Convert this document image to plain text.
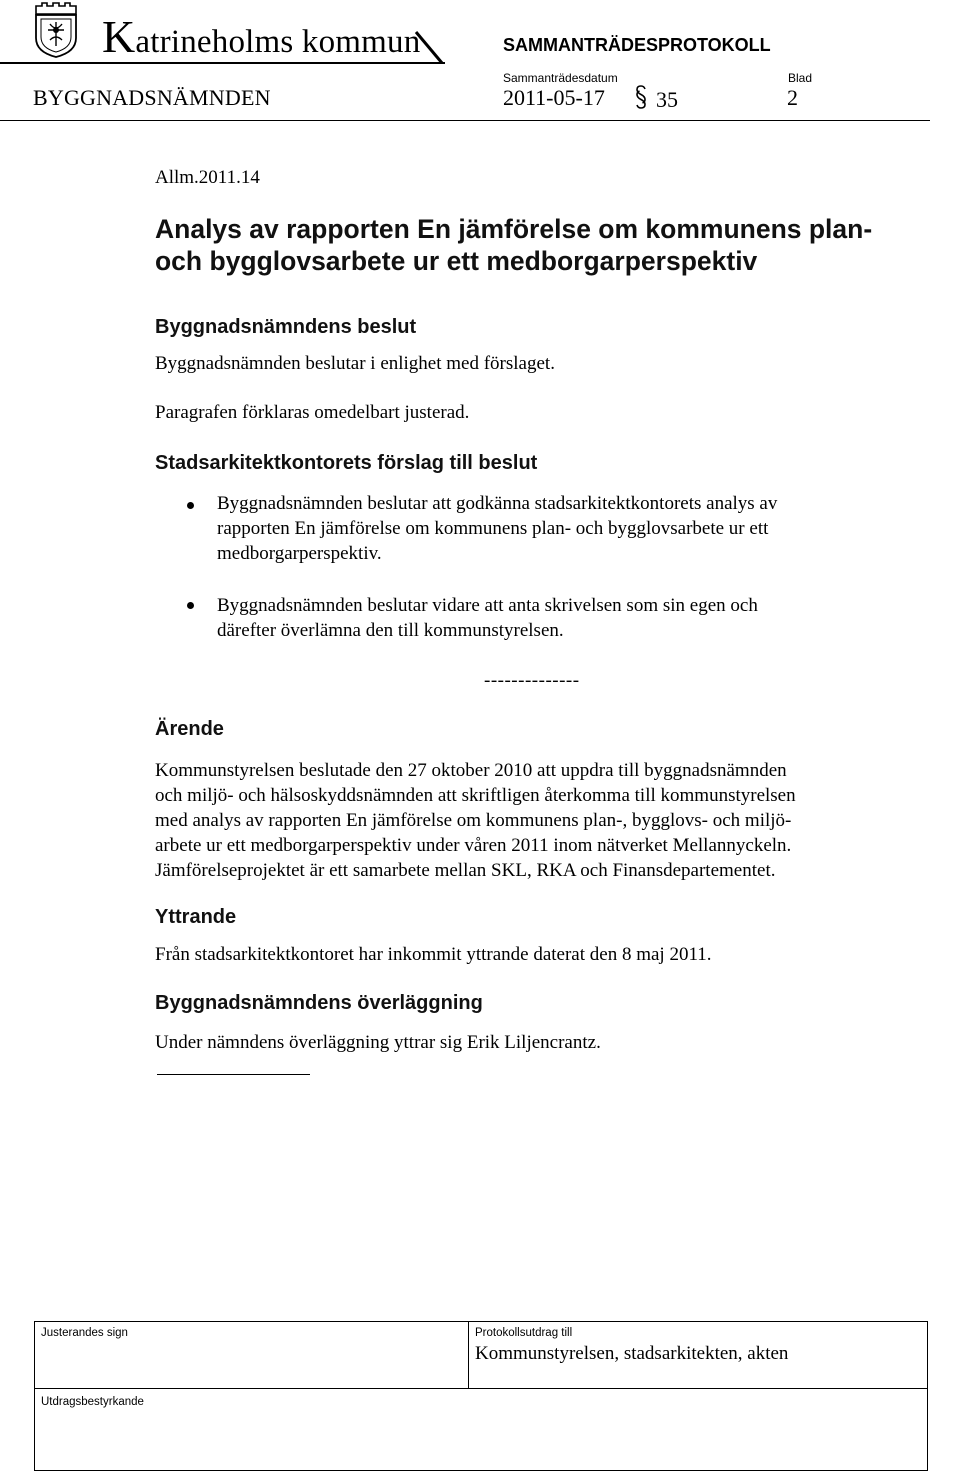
Katrineholms kommun	SAMMANTRÄDESPROTOKOLL
Sammanträdesdatum	Blad
BYGGNADSNÄMNDEN	2011-05-17 35	2
Allm.2011.14
Analys av rapporten En jämförelse om kommunens plan-
och bygglovsarbete ur ett medborgarperspektiv
Byggnadsnämndens beslut
Byggnadsnämnden beslutar i enlighet med förslaget.
Paragrafen förklaras omedelbart justerad.
Stadsarkitektkontorets förslag till beslut
Byggnadsnämnden beslutar att godkänna stadsarkitektkontorets analys av
rapporten En jämförelse om kommunens plan- och bygglovsarbete ur ett
medborgarperspektiv.
Byggnadsnämnden beslutar vidare att anta skrivelsen som sin egen och
därefter överlämna den till kommunstyrelsen.
--------------
Ärende
Kommunstyrelsen beslutade den 27 oktober 2010 att uppdra till byggnadsnämnden
och miljö- och hälsoskyddsnämnden att skriftligen återkomma till kommunstyrelsen
med analys av rapporten En jämförelse om kommunens plan-, bygglovs- och miljö-
arbete ur ett medborgarperspektiv under våren 2011 inom nätverket Mellannyckeln.
Jämförelseprojektet är ett samarbete mellan SKL, RKA och Finansdepartementet.
Yttrande
Från stadsarkitektkontoret har inkommit yttrande daterat den 8 maj 2011.
Byggnadsnämndens överläggning
Under nämndens överläggning yttrar sig Erik Liljencrantz.
Justerandes sign	Protokollsutdrag till
Kommunstyrelsen, stadsarkitekten, akten
Utdragsbestyrkande
